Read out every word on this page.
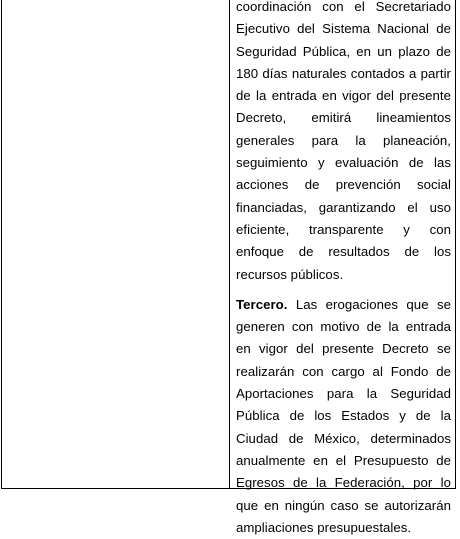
coordinación con el Secretariado Ejecutivo del Sistema Nacional de Seguridad Pública, en un plazo de 180 días naturales contados a partir de la entrada en vigor del presente Decreto, emitirá lineamientos generales para la planeación, seguimiento y evaluación de las acciones de prevención social financiadas, garantizando el uso eficiente, transparente y con enfoque de resultados de los recursos públicos.

Tercero. Las erogaciones que se generen con motivo de la entrada en vigor del presente Decreto se realizarán con cargo al Fondo de Aportaciones para la Seguridad Pública de los Estados y de la Ciudad de México, determinados anualmente en el Presupuesto de Egresos de la Federación, por lo que en ningún caso se autorizarán ampliaciones presupuestales.
